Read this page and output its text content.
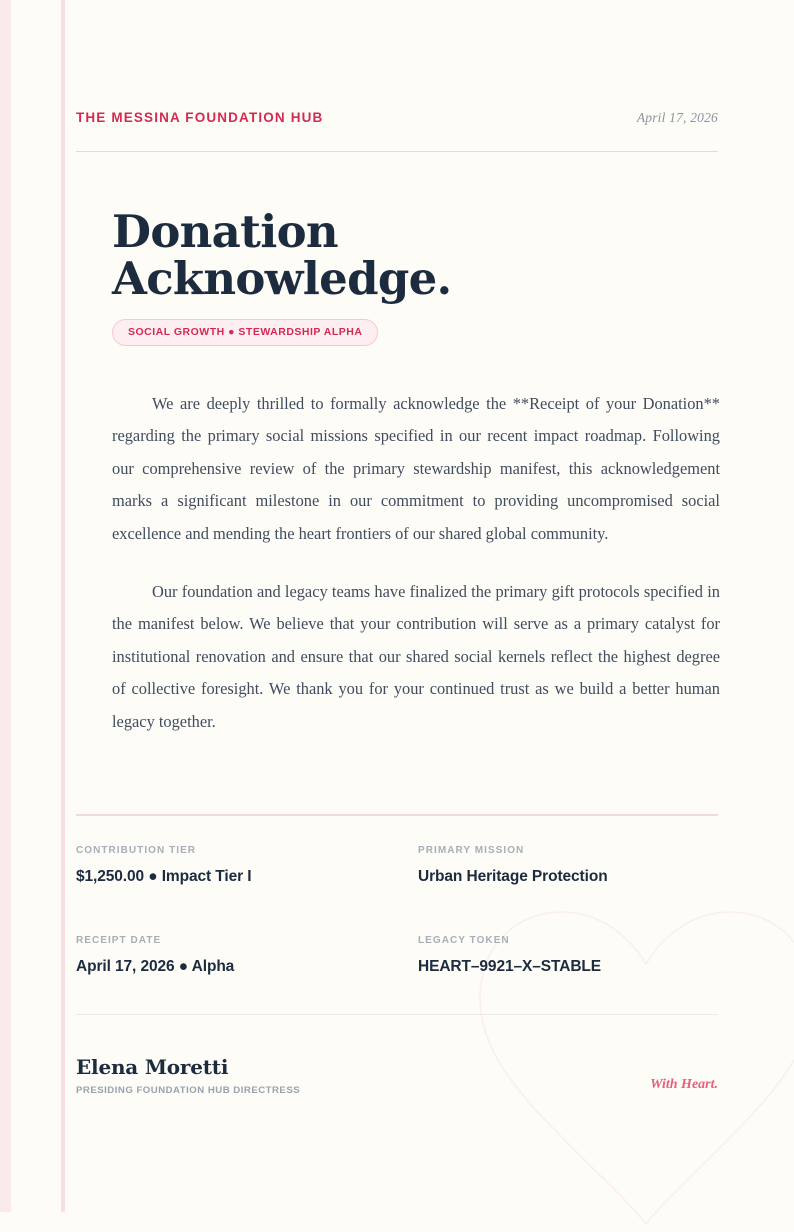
THE MESSINA FOUNDATION HUB	April 17, 2026
Donation
Acknowledge.
SOCIAL GROWTH ● STEWARDSHIP ALPHA

We are deeply thrilled to formally acknowledge the **Receipt of your Donation** regarding the primary social missions specified in our recent impact roadmap. Following our comprehensive review of the primary stewardship manifest, this acknowledgement marks a significant milestone in our commitment to providing uncompromised social excellence and mending the heart frontiers of our shared global community.

Our foundation and legacy teams have finalized the primary gift protocols specified in the manifest below. We believe that your contribution will serve as a primary catalyst for institutional renovation and ensure that our shared social kernels reflect the highest degree of collective foresight. We thank you for your continued trust as we build a better human legacy together.

CONTRIBUTION TIER
$1,250.00 ● Impact Tier I
PRIMARY MISSION
Urban Heritage Protection
RECEIPT DATE
April 17, 2026 ● Alpha
LEGACY TOKEN
HEART–9921–X–STABLE
Elena Moretti
PRESIDING FOUNDATION HUB DIRECTRESS	With Heart.
